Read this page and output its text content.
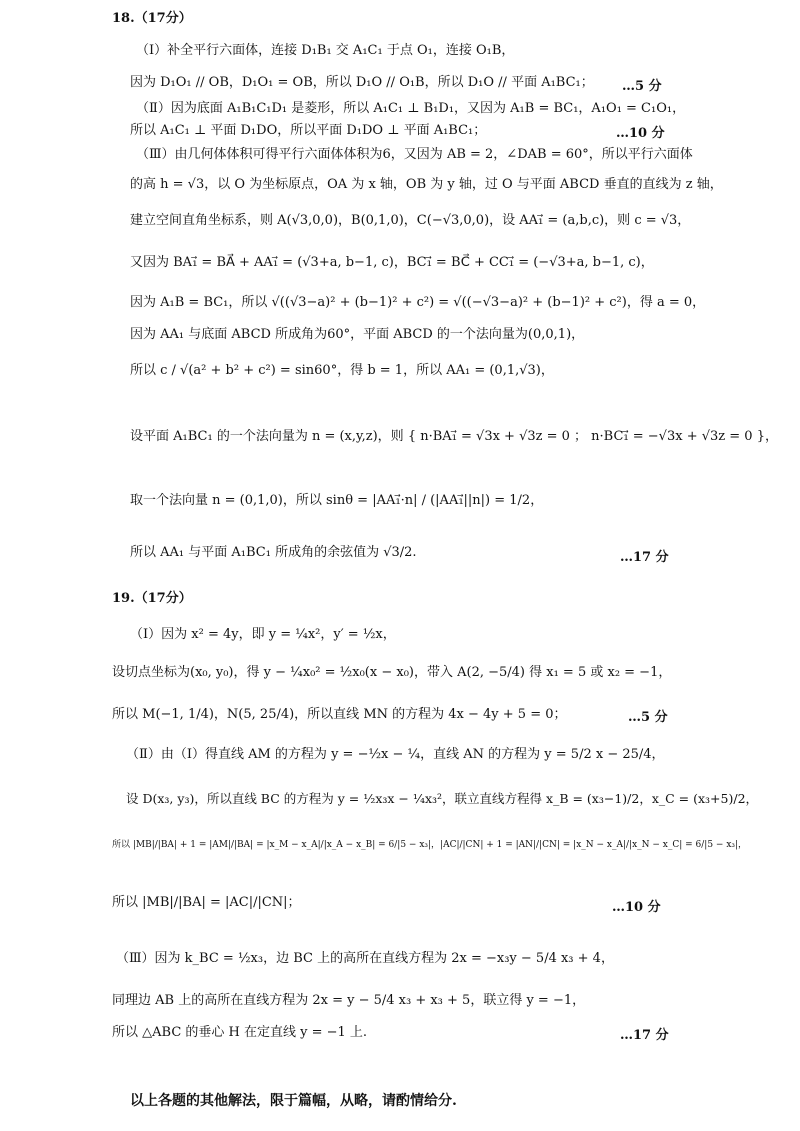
18.（17分）
（Ⅰ）补全平行六面体，连接 D₁B₁ 交 A₁C₁ 于点 O₁，连接 O₁B，
因为 D₁O₁ // OB，D₁O₁ = OB，所以 D₁O // O₁B，所以 D₁O // 平面 A₁BC₁； …5 分
（Ⅱ）因为底面 A₁B₁C₁D₁ 是菱形，所以 A₁C₁ ⊥ B₁D₁，又因为 A₁B = BC₁，A₁O₁ = C₁O₁，
所以 A₁C₁ ⊥ 平面 D₁DO，所以平面 D₁DO ⊥ 平面 A₁BC₁；	…10 分
（Ⅲ）由几何体体积可得平行六面体体积为6，又因为 AB = 2，∠DAB = 60°，所以平行六面体
的高 h = √3，以 O 为坐标原点，OA 为 x 轴，OB 为 y 轴，过 O 与平面 ABCD 垂直的直线为 z 轴，
建立空间直角坐标系，则 A(√3,0,0)，B(0,1,0)，C(−√3,0,0)，设 AA₁⃗ = (a,b,c)，则 c = √3，
又因为 BA₁⃗ = BA⃗ + AA₁⃗ = (√3+a, b−1, c)，BC₁⃗ = BC⃗ + CC₁⃗ = (−√3+a, b−1, c)，
因为 A₁B = BC₁，所以 √((√3−a)² + (b−1)² + c²) = √((−√3−a)² + (b−1)² + c²)，得 a = 0，
因为 AA₁ 与底面 ABCD 所成角为60°，平面 ABCD 的一个法向量为(0,0,1)，
所以 c / √(a² + b² + c²) = sin60°，得 b = 1，所以 AA₁ = (0,1,√3)，
设平面 A₁BC₁ 的一个法向量为 n = (x,y,z)，则 { n·BA₁⃗ = √3x + √3z = 0 ； n·BC₁⃗ = −√3x + √3z = 0 }，
取一个法向量 n = (0,1,0)，所以 sinθ = |AA₁⃗·n| / (|AA₁⃗||n|) = 1/2，
所以 AA₁ 与平面 A₁BC₁ 所成角的余弦值为 √3/2.	…17 分
19.（17分）
（Ⅰ）因为 x² = 4y，即 y = ¼x²，y′ = ½x，
设切点坐标为(x₀, y₀)，得 y − ¼x₀² = ½x₀(x − x₀)，带入 A(2, −5/4) 得 x₁ = 5 或 x₂ = −1，
所以 M(−1, 1/4)，N(5, 25/4)，所以直线 MN 的方程为 4x − 4y + 5 = 0；	…5 分
（Ⅱ）由（Ⅰ）得直线 AM 的方程为 y = −½x − ¼，直线 AN 的方程为 y = 5/2 x − 25/4，
设 D(x₃, y₃)，所以直线 BC 的方程为 y = ½x₃x − ¼x₃²，联立直线方程得 x_B = (x₃−1)/2，x_C = (x₃+5)/2，
所以 |MB|/|BA| + 1 = |AM|/|BA| = |x_M − x_A|/|x_A − x_B| = 6/|5 − x₃|，|AC|/|CN| + 1 = |AN|/|CN| = |x_N − x_A|/|x_N − x_C| = 6/|5 − x₃|，
所以 |MB|/|BA| = |AC|/|CN|；	…10 分
（Ⅲ）因为 k_BC = ½x₃，边 BC 上的高所在直线方程为 2x = −x₃y − 5/4 x₃ + 4，
同理边 AB 上的高所在直线方程为 2x = y − 5/4 x₃ + x₃ + 5，联立得 y = −1，
所以 △ABC 的垂心 H 在定直线 y = −1 上.	…17 分
以上各题的其他解法，限于篇幅，从略，请酌情给分.
